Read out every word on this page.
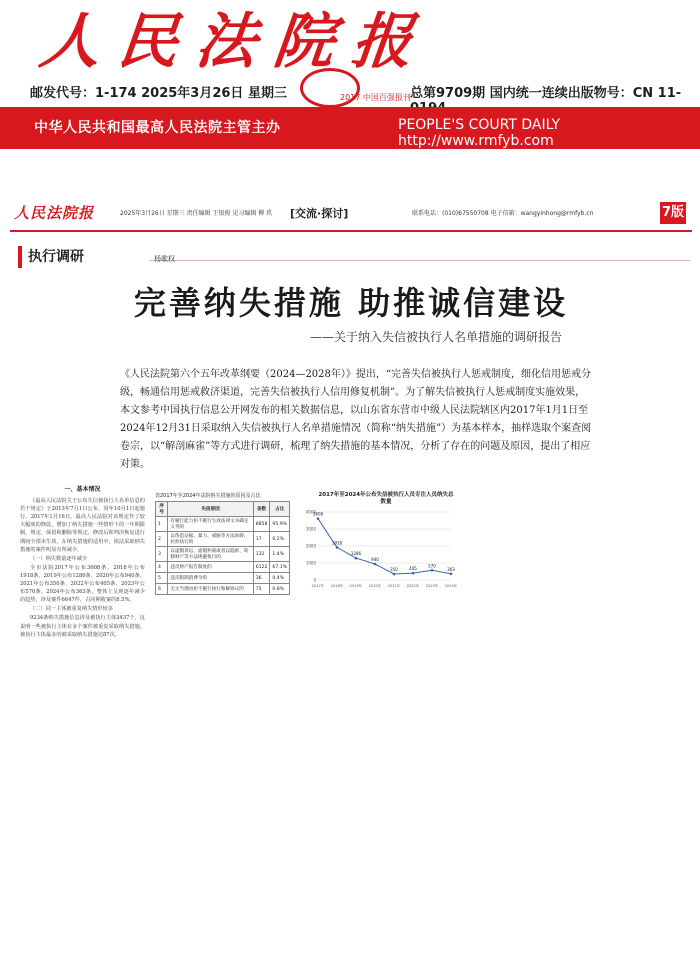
人民法院报
2017 中国百强报刊
邮发代号：1-174 2025年3月26日 星期三	总第9709期 国内统一连续出版物号：CN 11-
中华人民共和国最高人民法院主管主办	PEOPLE'S COURT DAILY http://www.rmfyb.com
人民法院报	2025年3月26日 星期三 责任编辑 王银俊 见习编辑 柳 玖 [交流·探讨]	联系电话：(010)67550708 电子信箱：wangyinhong@rmfyb.cn	7版
执行调研	杨歌权
完善纳失措施 助推诚信建设
——关于纳入失信被执行人名单措施的调研报告
《人民法院第六个五年改革纲要（2024—2028年）》提出，“完善失信被执行人惩戒制度，细化信用惩戒分级，畅通信用惩戒救济渠道，完善失信被执行人信用修复机制”。为了解失信被执行人惩戒制度实施效果，本文参考中国执行信息公开网发布的相关数据信息，以山东省东营市中级人民法院辖区内2017年1月1日至2024年12月31日采取纳入失信被执行人名单措施情况（简称“纳失措施”）为基本样本，抽样选取个案查阅卷宗，以“解剖麻雀”等方式进行调研，梳理了纳失措施的基本情况，分析了存在的问题及原因，提出了相应对策。
一、基本情况

《最高人民法院关于公布失信被执行人名单信息的若干规定》于2013年7月1日公布，同年10月1日起施行。2017年1月16日，最高人民法院对该规定作了较大幅度的修改，增加了纳失措施一些情形下的一年期限制，规定，保留和删除等规定，修改后和判决恢复进行期间全部未生效。在纳失措施的适用中，依法采取纳失措施的案件明显有所减少。

（一）纳失数量逐年减少

全市法院2017年公布3608条、2018年公布1918条、2019年公布1286条、2020年公布940条、2021年公布350条、2022年公布405条、2023年公布570条、2024年公布363条，整体上呈现逐年减少的趋势，涉及案件6647件，占同期收案的8.5%。

（二）同一主体被重复纳失情形较多

9234条纳失措施信息涉及被执行主体3437个，这说明一些被执行主体在多个案件被重复采取纳失措施，被执行主体最多的被采取纳失措施达87次。

表2017年至2024年法院纳失措施的原因及占比
序号	失信原因	条数	占比
1	有履行能力拒不履行生效法律文书确定义务的	8858	95.9%
2	以伪造证据、暴力、威胁等方法妨碍、抗拒执行的	17	0.2%
3	以虚假诉讼、虚假仲裁或者以隐匿、转移财产等方法规避执行的	132	1.4%
4	违反财产报告制度的	6122	67.1%
5	违反限制消费令的	36	0.4%
6	无正当理由拒不履行执行和解协议的	75	0.8%
2017年至2024年公布失信被执行人员专注人员纳失总数量
0
1000
2000
3000
4000
3608
2017年
1918
2018年
1286
2019年
940
2020年
350
2021年
405
2022年
570
2023年
363
2024年
